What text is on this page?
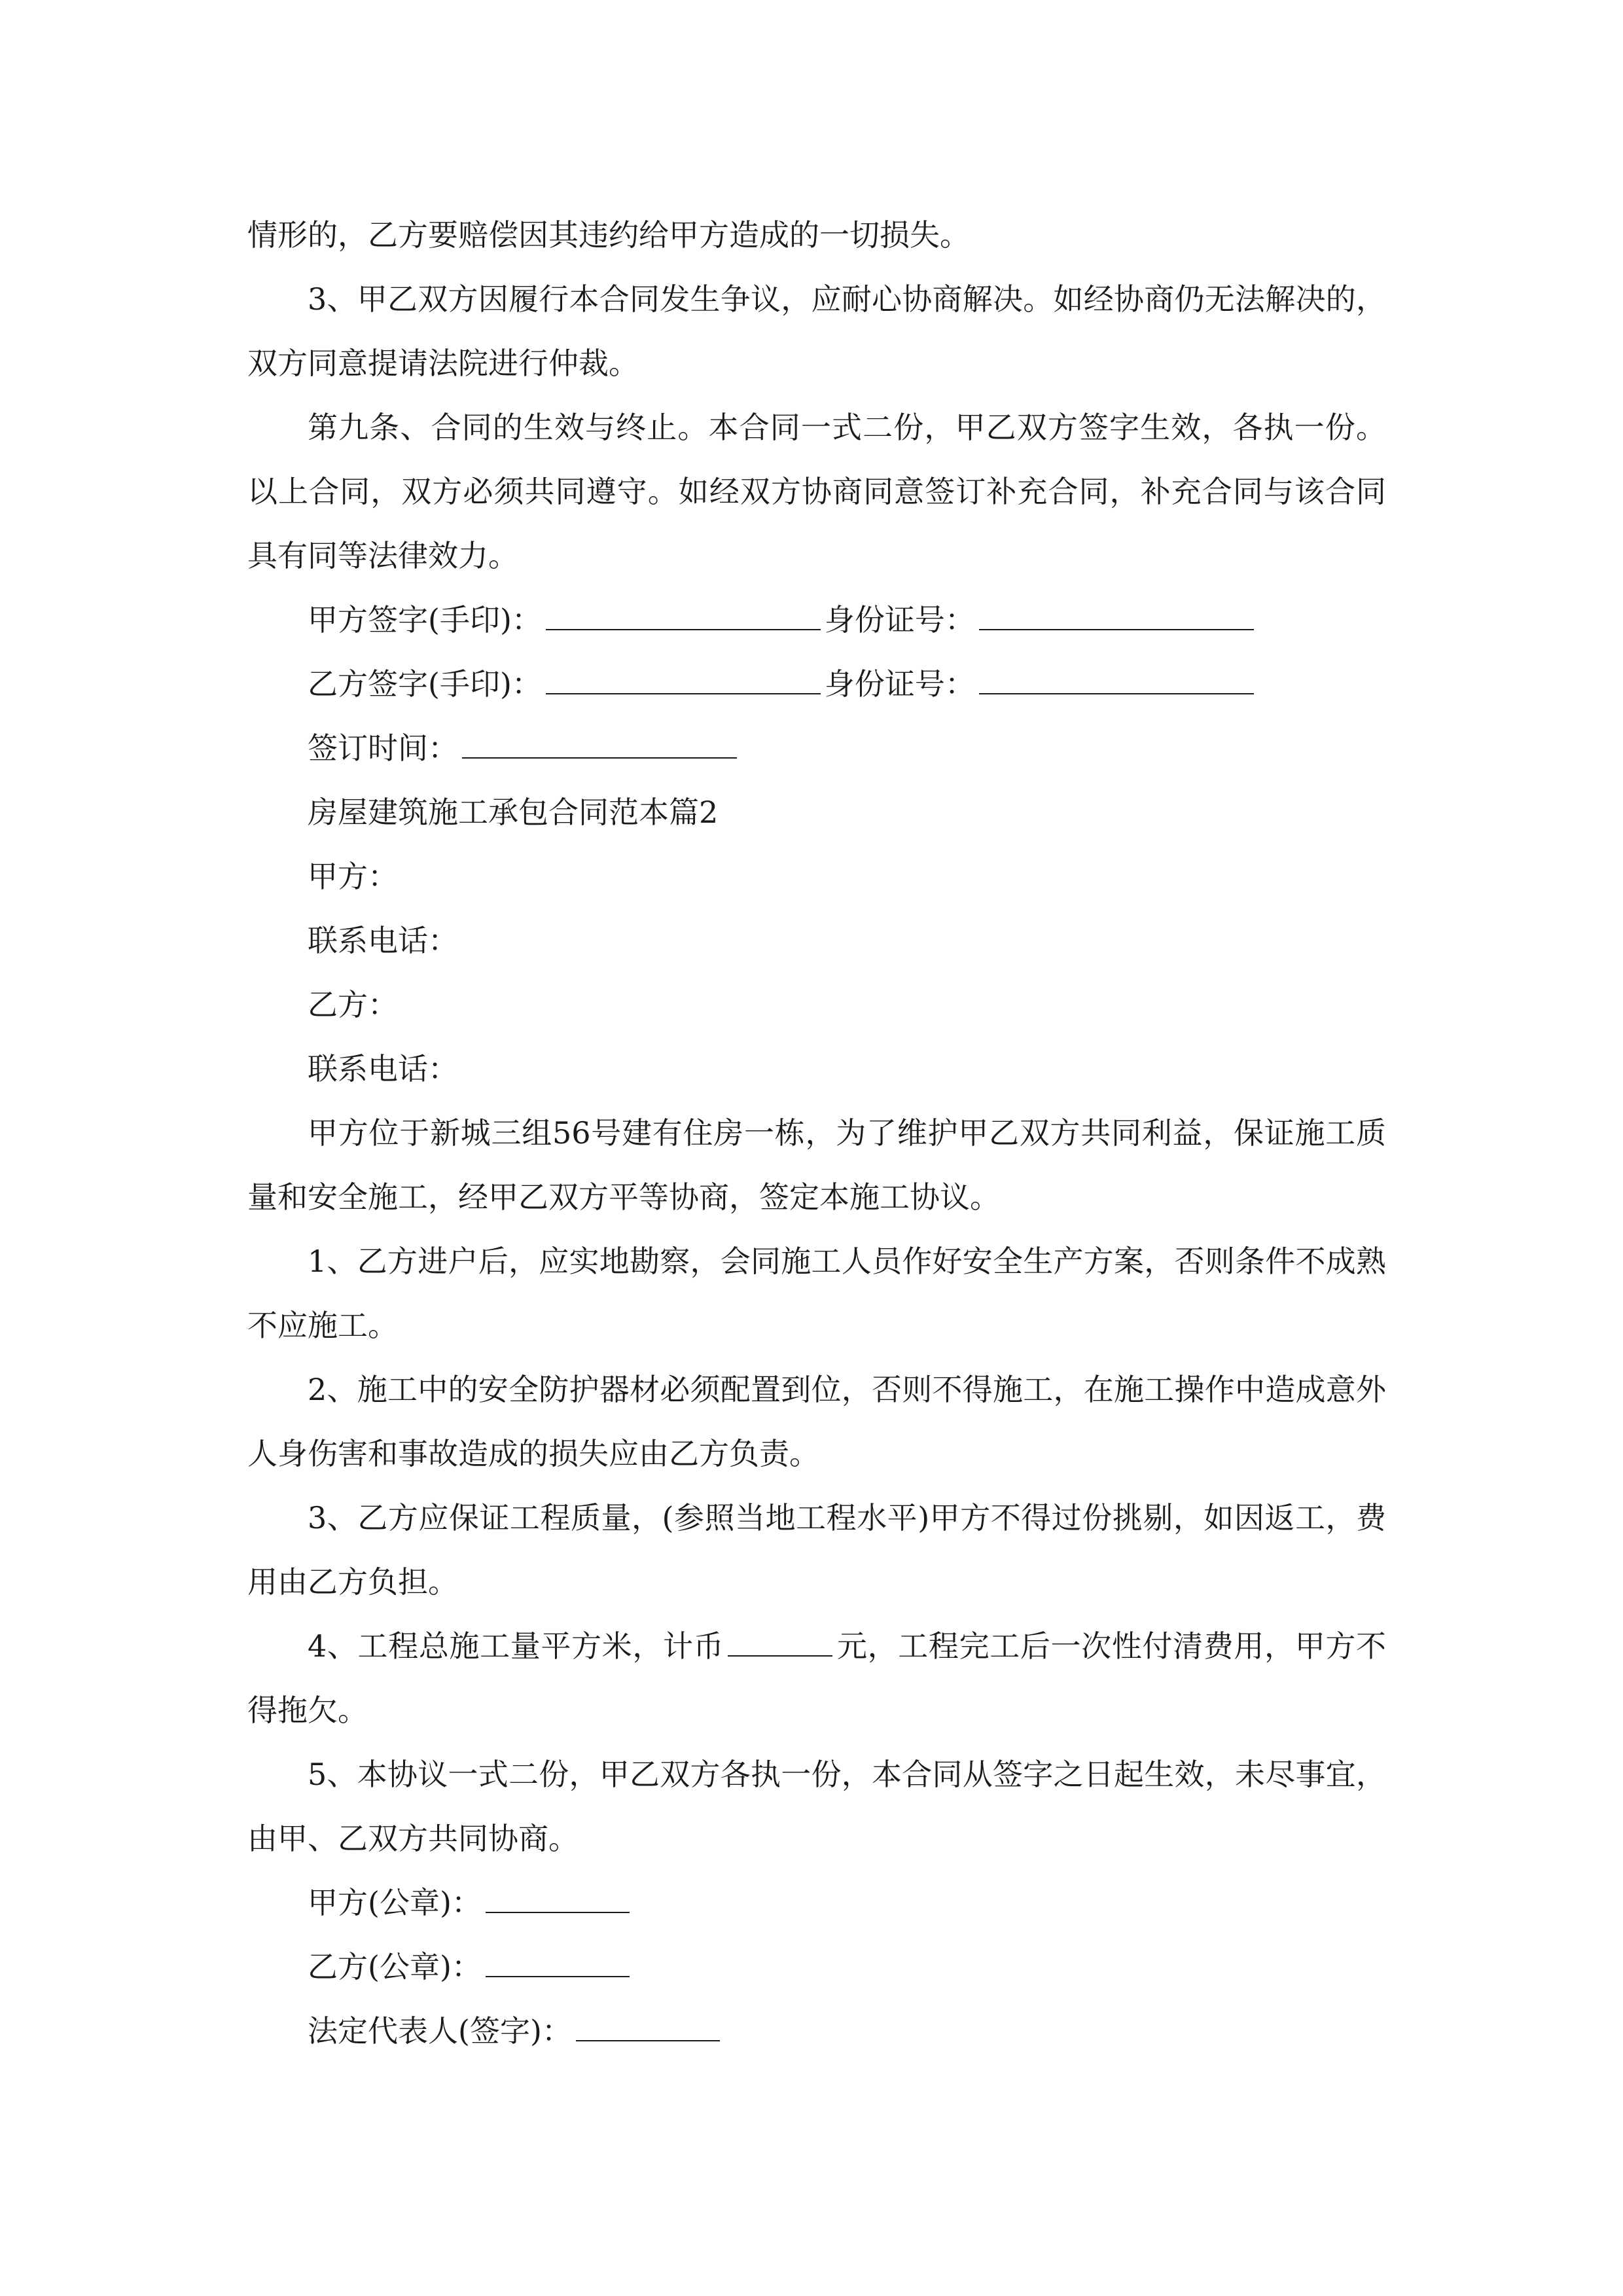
情形的，乙方要赔偿因其违约给甲方造成的一切损失。

3、甲乙双方因履行本合同发生争议，应耐心协商解决。如经协商仍无法解决的，双方同意提请法院进行仲裁。

第九条、合同的生效与终止。本合同一式二份，甲乙双方签字生效，各执一份。以上合同，双方必须共同遵守。如经双方协商同意签订补充合同，补充合同与该合同具有同等法律效力。

甲方签字(手印)：	身份证号：

乙方签字(手印)：	身份证号：

签订时间：

房屋建筑施工承包合同范本篇2

甲方：

联系电话：

乙方：

联系电话：

甲方位于新城三组56号建有住房一栋，为了维护甲乙双方共同利益，保证施工质量和安全施工，经甲乙双方平等协商，签定本施工协议。

1、乙方进户后，应实地勘察，会同施工人员作好安全生产方案，否则条件不成熟不应施工。

2、施工中的安全防护器材必须配置到位，否则不得施工，在施工操作中造成意外人身伤害和事故造成的损失应由乙方负责。

3、乙方应保证工程质量，(参照当地工程水平)甲方不得过份挑剔，如因返工，费用由乙方负担。

4、工程总施工量平方米，计币	元，工程完工后一次性付清费用，甲方不得拖欠。

5、本协议一式二份，甲乙双方各执一份，本合同从签字之日起生效，未尽事宜，由甲、乙双方共同协商。

甲方(公章)：

乙方(公章)：

法定代表人(签字)：
